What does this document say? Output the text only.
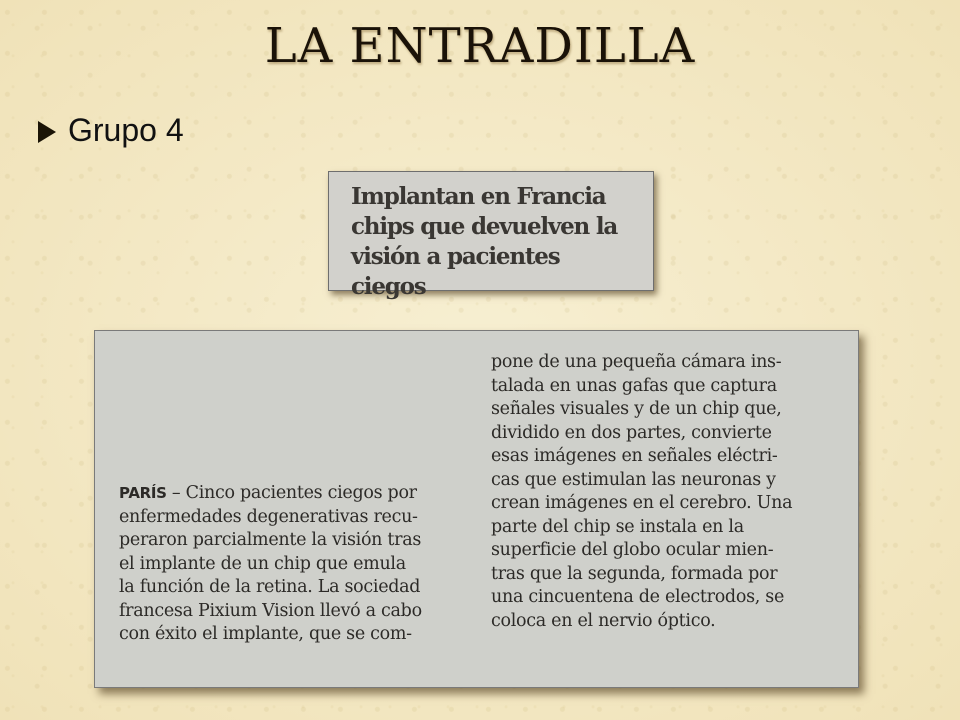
LA ENTRADILLA
Grupo 4

Implantan en Francia

chips que devuelven la

visión a pacientes ciegos

PARÍS – Cinco pacientes ciegos por

enfermedades degenerativas recu-

peraron parcialmente la visión tras

el implante de un chip que emula

la función de la retina. La sociedad

francesa Pixium Vision llevó a cabo

con éxito el implante, que se com-

pone de una pequeña cámara ins-

talada en unas gafas que captura

señales visuales y de un chip que,

dividido en dos partes, convierte

esas imágenes en señales eléctri-

cas que estimulan las neuronas y

crean imágenes en el cerebro. Una

parte del chip se instala en la

superficie del globo ocular mien-

tras que la segunda, formada por

una cincuentena de electrodos, se

coloca en el nervio óptico.
